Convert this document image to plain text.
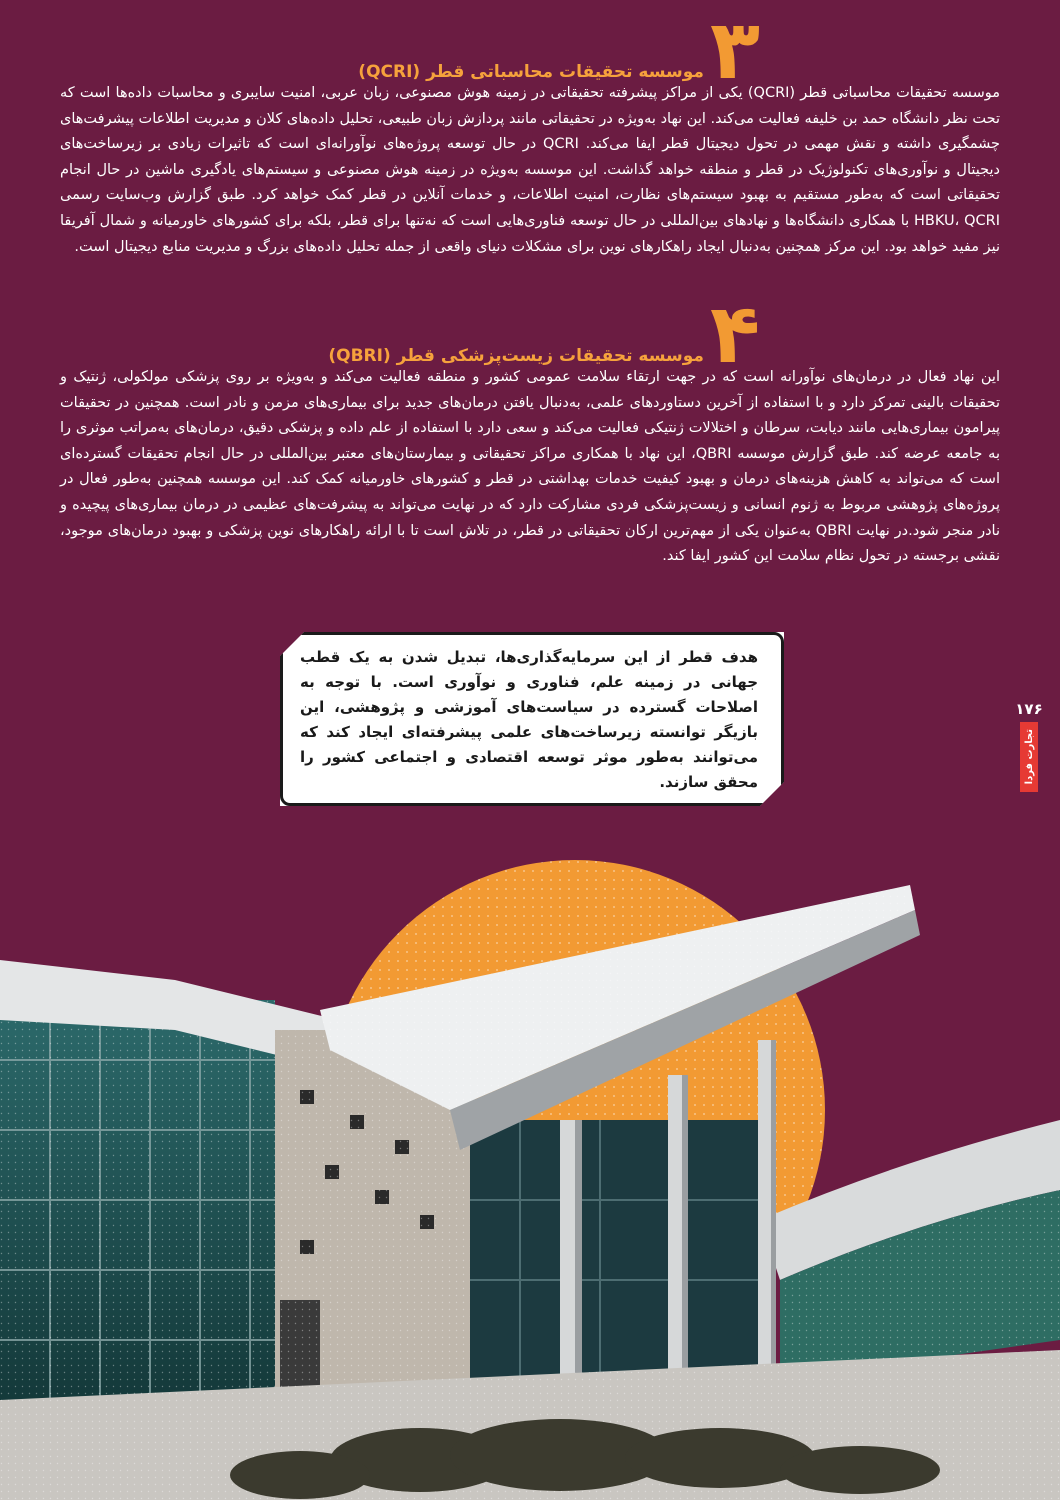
۳
موسسه تحقیقات محاسباتی قطر (QCRI)

موسسه تحقیقات محاسباتی قطر (QCRI) یکی از مراکز پیشرفته تحقیقاتی در زمینه هوش مصنوعی، زبان عربی، امنیت سایبری و محاسبات داده‌ها است که تحت نظر دانشگاه حمد بن خلیفه فعالیت می‌کند. این نهاد به‌ویژه در تحقیقاتی مانند پردازش زبان طبیعی، تحلیل داده‌های کلان و مدیریت اطلاعات پیشرفت‌های چشمگیری داشته و نقش مهمی در تحول دیجیتال قطر ایفا می‌کند. QCRI در حال توسعه پروژه‌های نوآورانه‌ای است که تاثیرات زیادی بر زیرساخت‌های دیجیتال و نوآوری‌های تکنولوژیک در قطر و منطقه خواهد گذاشت. این موسسه به‌ویژه در زمینه هوش مصنوعی و سیستم‌های یادگیری ماشین در حال انجام تحقیقاتی است که به‌طور مستقیم به بهبود سیستم‌های نظارت، امنیت اطلاعات، و خدمات آنلاین در قطر کمک خواهد کرد. طبق گزارش وب‌سایت رسمی HBKU، QCRI با همکاری دانشگاه‌ها و نهادهای بین‌المللی در حال توسعه فناوری‌هایی است که نه‌تنها برای قطر، بلکه برای کشورهای خاورمیانه و شمال آفریقا نیز مفید خواهد بود. این مرکز همچنین به‌دنبال ایجاد راهکارهای نوین برای مشکلات دنیای واقعی از جمله تحلیل داده‌های بزرگ و مدیریت منابع دیجیتال است.

۴
موسسه تحقیقات زیست‌پزشکی قطر (QBRI)

این نهاد فعال در درمان‌های نوآورانه است که در جهت ارتقاء سلامت عمومی کشور و منطقه فعالیت می‌کند و به‌ویژه بر روی پزشکی مولکولی، ژنتیک و تحقیقات بالینی تمرکز دارد و با استفاده از آخرین دستاوردهای علمی، به‌دنبال یافتن درمان‌های جدید برای بیماری‌های مزمن و نادر است. همچنین در تحقیقات پیرامون بیماری‌هایی مانند دیابت، سرطان و اختلالات ژنتیکی فعالیت می‌کند و سعی دارد با استفاده از علم داده و پزشکی دقیق، درمان‌های به‌مراتب موثری را به جامعه عرضه کند. طبق گزارش موسسه QBRI، این نهاد با همکاری مراکز تحقیقاتی و بیمارستان‌های معتبر بین‌المللی در حال انجام تحقیقات گسترده‌ای است که می‌تواند به کاهش هزینه‌های درمان و بهبود کیفیت خدمات بهداشتی در قطر و کشورهای خاورمیانه کمک کند. این موسسه همچنین به‌طور فعال در پروژه‌های پژوهشی مربوط به ژنوم انسانی و زیست‌پزشکی فردی مشارکت دارد که در نهایت می‌تواند به پیشرفت‌های عظیمی در درمان بیماری‌های پیچیده و نادر منجر شود.در نهایت QBRI به‌عنوان یکی از مهم‌ترین ارکان تحقیقاتی در قطر، در تلاش است تا با ارائه راهکارهای نوین پزشکی و بهبود درمان‌های موجود، نقشی برجسته در تحول نظام سلامت این کشور ایفا کند.

هدف قطر از این سرمایه‌گذاری‌ها، تبدیل شدن به یک قطب جهانی در زمینه علم، فناوری و نوآوری است. با توجه به اصلاحات گسترده در سیاست‌های آموزشی و پژوهشی، این بازیگر توانسته زیرساخت‌های علمی پیشرفته‌ای ایجاد کند که می‌توانند به‌طور موثر توسعه اقتصادی و اجتماعی کشور را محقق سازند.

۱۷۶
تجارت فردا
